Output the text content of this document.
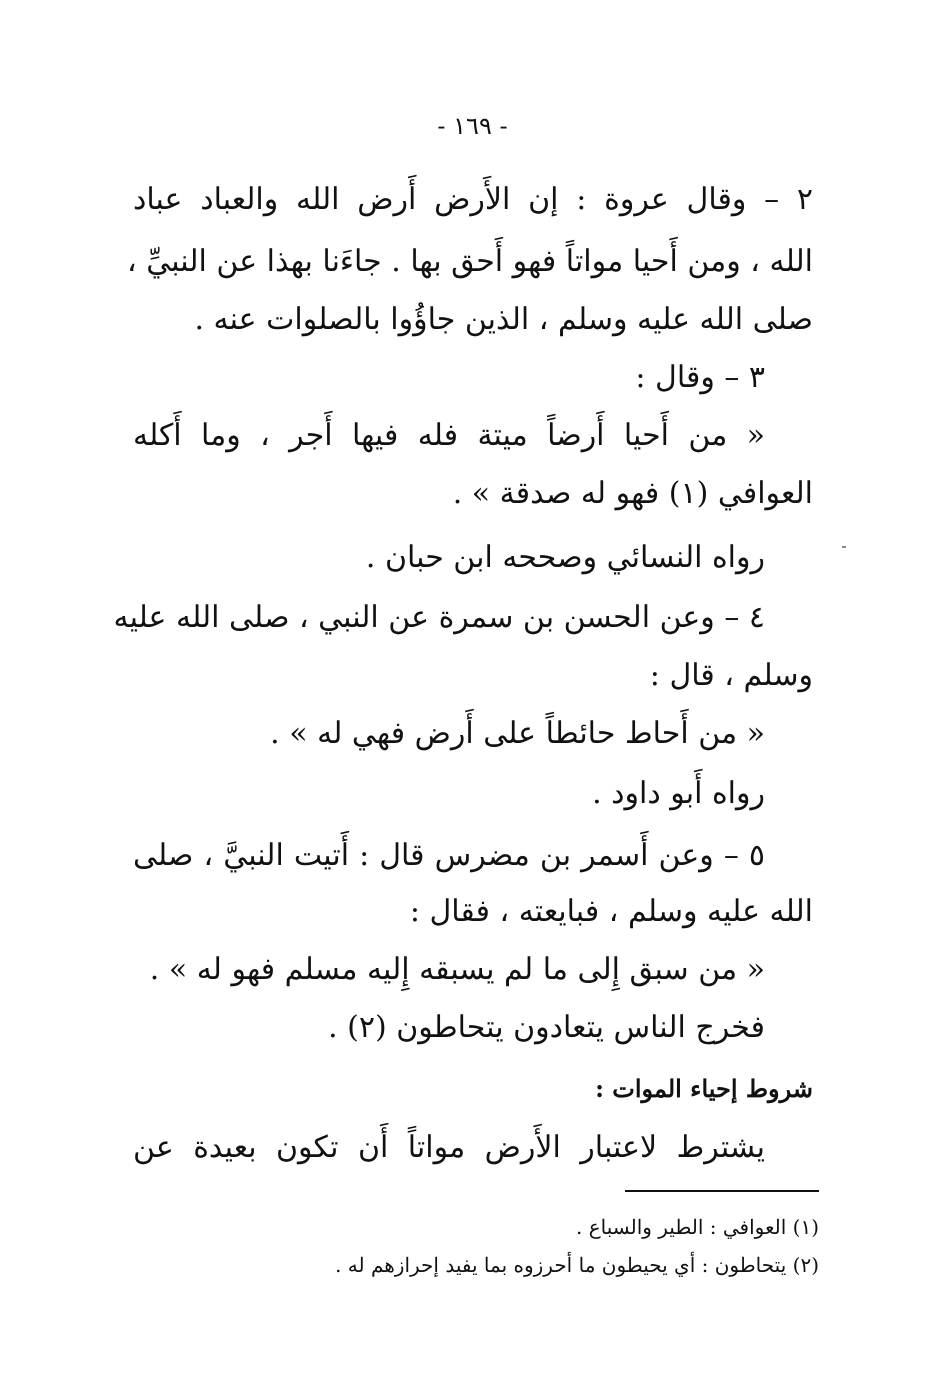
- ١٦٩ -
٢ – وقال عروة : إن الأَرض أَرض الله والعباد عباد
الله ، ومن أَحيا مواتاً فهو أَحق بها . جاءَنا بهذا عن النبيِّ ،
صلى الله عليه وسلم ، الذين جاؤُوا بالصلوات عنه .
٣ – وقال :
« من أَحيا أَرضاً ميتة فله فيها أَجر ، وما أَكله
العوافي (١) فهو له صدقة » .
رواه النسائي وصححه ابن حبان .
٤ – وعن الحسن بن سمرة عن النبي ، صلى الله عليه
وسلم ، قال :
« من أَحاط حائطاً على أَرض فهي له » .
رواه أَبو داود .
٥ – وعن أَسمر بن مضرس قال : أَتيت النبيَّ ، صلى
الله عليه وسلم ، فبايعته ، فقال :
« من سبق إِلى ما لم يسبقه إِليه مسلم فهو له » .
فخرج الناس يتعادون يتحاطون (٢) .
شروط إحياء الموات :
يشترط لاعتبار الأَرض مواتاً أَن تكون بعيدة عن
(١) العوافي : الطير والسباع .
(٢) يتحاطون : أي يحيطون ما أحرزوه بما يفيد إحرازهم له .
